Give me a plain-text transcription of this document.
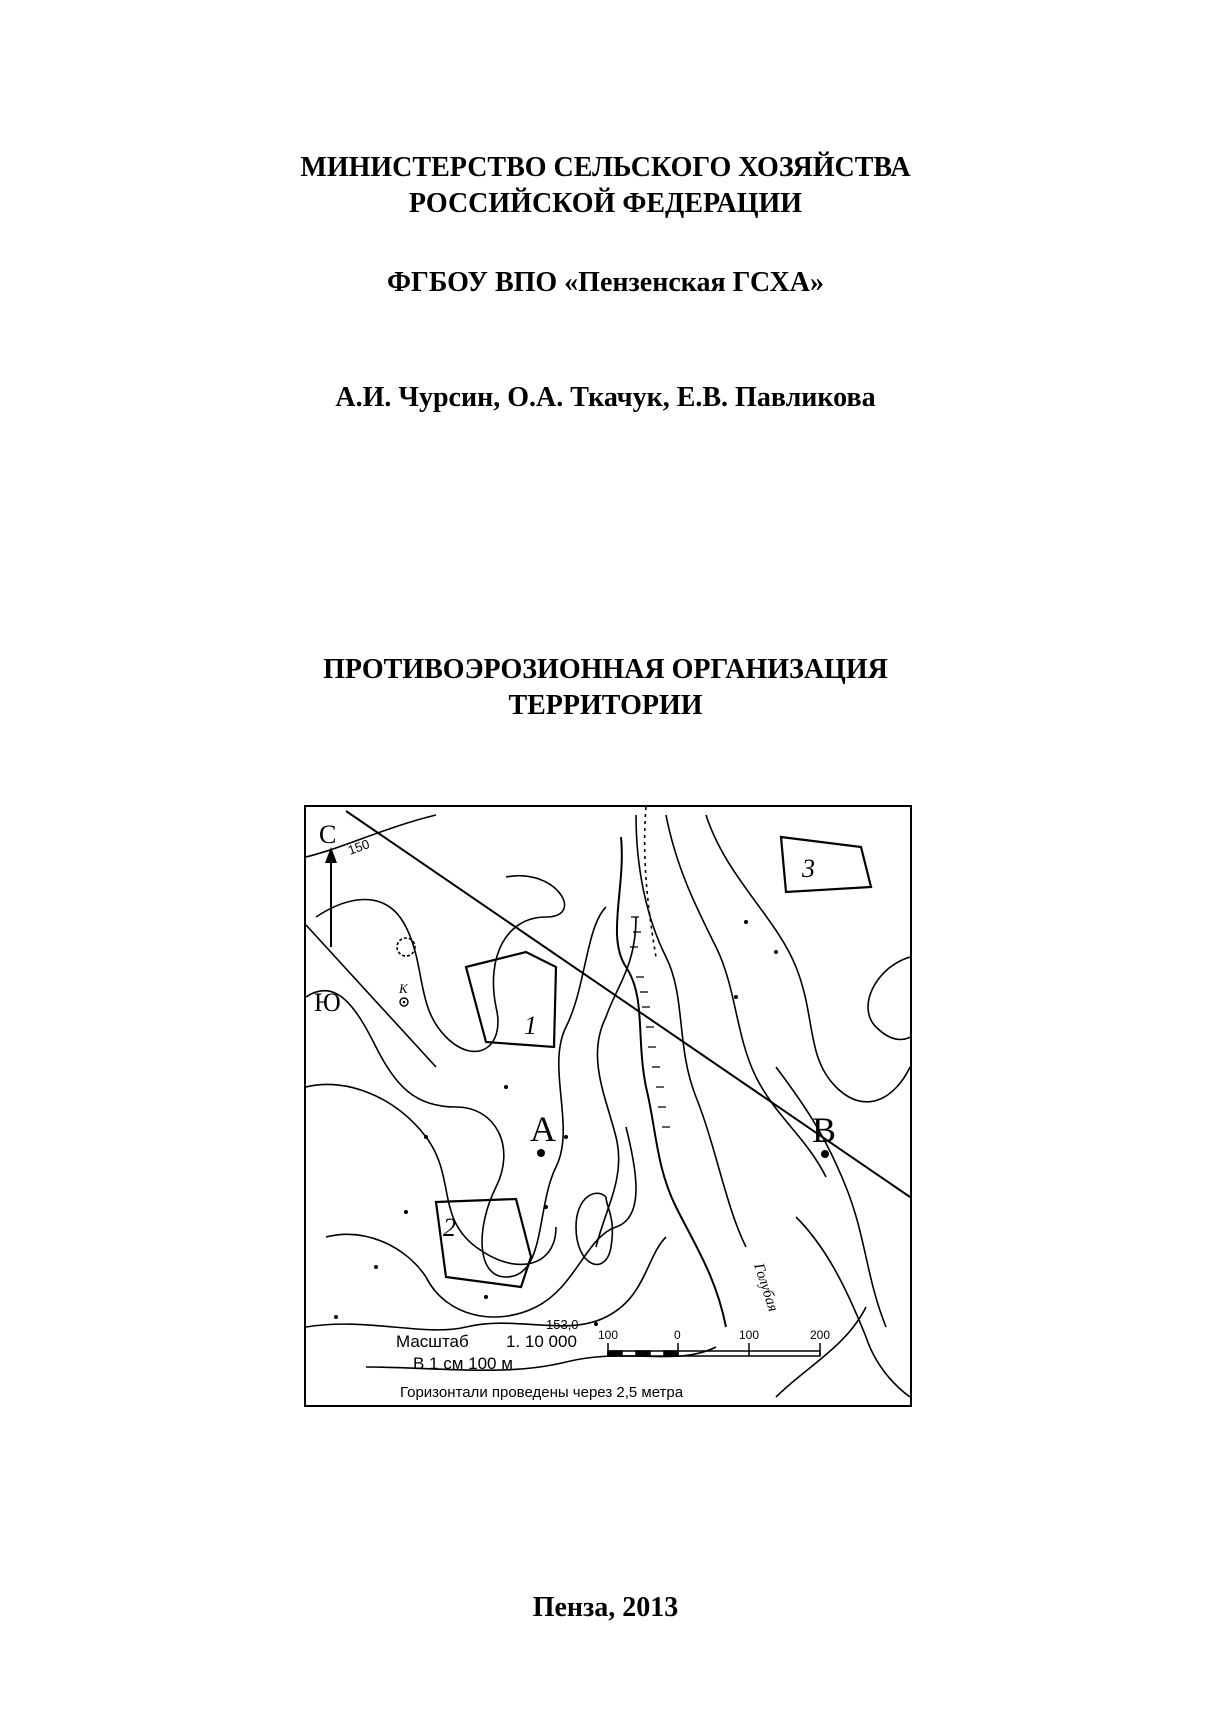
МИНИСТЕРСТВО СЕЛЬСКОГО ХОЗЯЙСТВА
РОССИЙСКОЙ ФЕДЕРАЦИИ
ФГБОУ ВПО «Пензенская ГСХА»
А.И. Чурсин, О.А. Ткачук, Е.В. Павликова
ПРОТИВОЭРОЗИОННАЯ ОРГАНИЗАЦИЯ
ТЕРРИТОРИИ
С
Ю
150
К
1
2
3
А	В
153,0
Голубая
Масштаб 1. 10 000
В 1 см 100 м
Горизонтали проведены через 2,5 метра
100	0	100	200
Пенза, 2013
